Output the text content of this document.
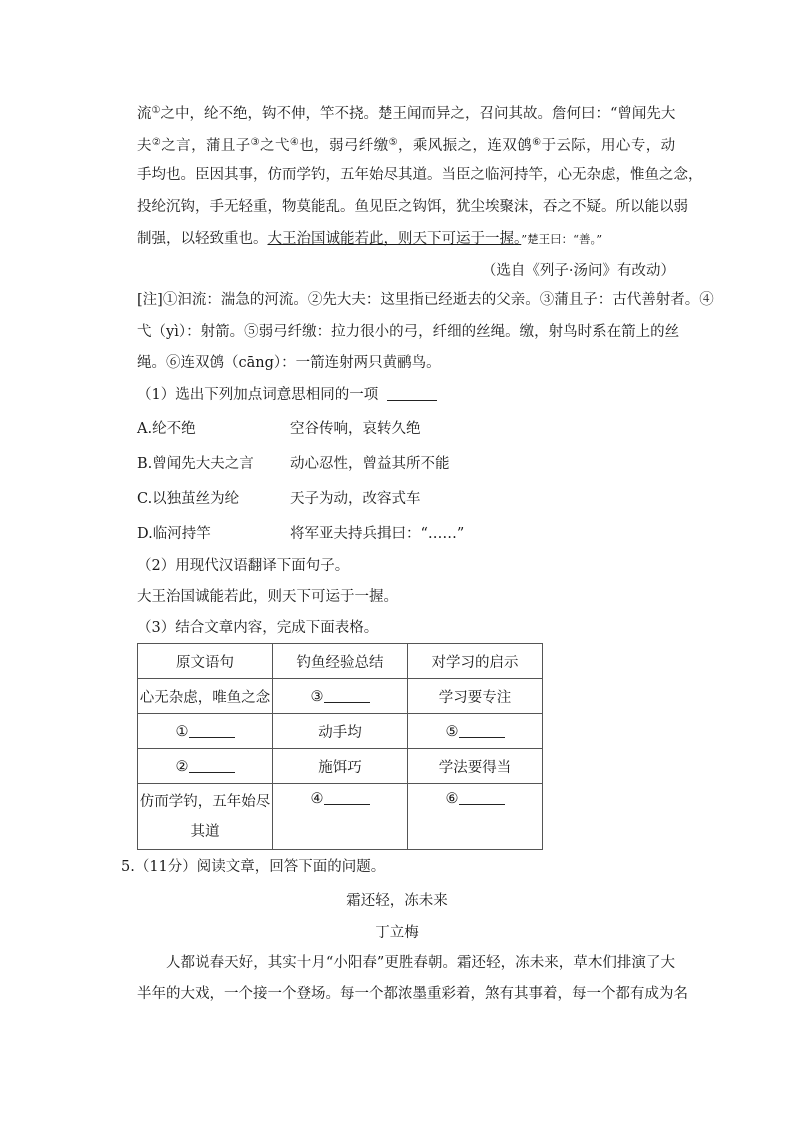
流①之中，纶不绝，钩不伸，竿不挠。楚王闻而异之，召问其故。詹何曰：“曾闻先大
夫②之言，蒲且子③之弋④也，弱弓纤缴⑤，乘风振之，连双鸧⑥于云际，用心专，动
手均也。臣因其事，仿而学钓，五年始尽其道。当臣之临河持竿，心无杂虑，惟鱼之念，
投纶沉钩，手无轻重，物莫能乱。鱼见臣之钩饵，犹尘埃聚沫，吞之不疑。所以能以弱
制强，以轻致重也。大王治国诚能若此，则天下可运于一握。”楚王曰：“善。”
（选自《列子·汤问》有改动）
[注]①汩流：湍急的河流。②先大夫：这里指已经逝去的父亲。③蒲且子：古代善射者。④
弋（yì）：射箭。⑤弱弓纤缴：拉力很小的弓，纤细的丝绳。缴，射鸟时系在箭上的丝
绳。⑥连双鸧（cāng）：一箭连射两只黄鹂鸟。
（1）选出下列加点词意思相同的一项
A.纶不绝	空谷传响，哀转久绝
B.曾闻先大夫之言 动心忍性，曾益其所不能
C.以独茧丝为纶	天子为动，改容式车
D.临河持竿	将军亚夫持兵揖曰：“……”
（2）用现代汉语翻译下面句子。
大王治国诚能若此，则天下可运于一握。
（3）结合文章内容，完成下面表格。
原文语句	钓鱼经验总结	对学习的启示
心无杂虑，唯鱼之念	③	学习要专注
①	动手均	⑤
②	施饵巧	学法要得当
仿而学钓，五年始尽
其道	④	⑥
5.（11分）阅读文章，回答下面的问题。
霜还轻，冻未来
丁立梅
人都说春天好，其实十月“小阳春”更胜春朝。霜还轻，冻未来，草木们排演了大
半年的大戏，一个接一个登场。每一个都浓墨重彩着，煞有其事着，每一个都有成为名
